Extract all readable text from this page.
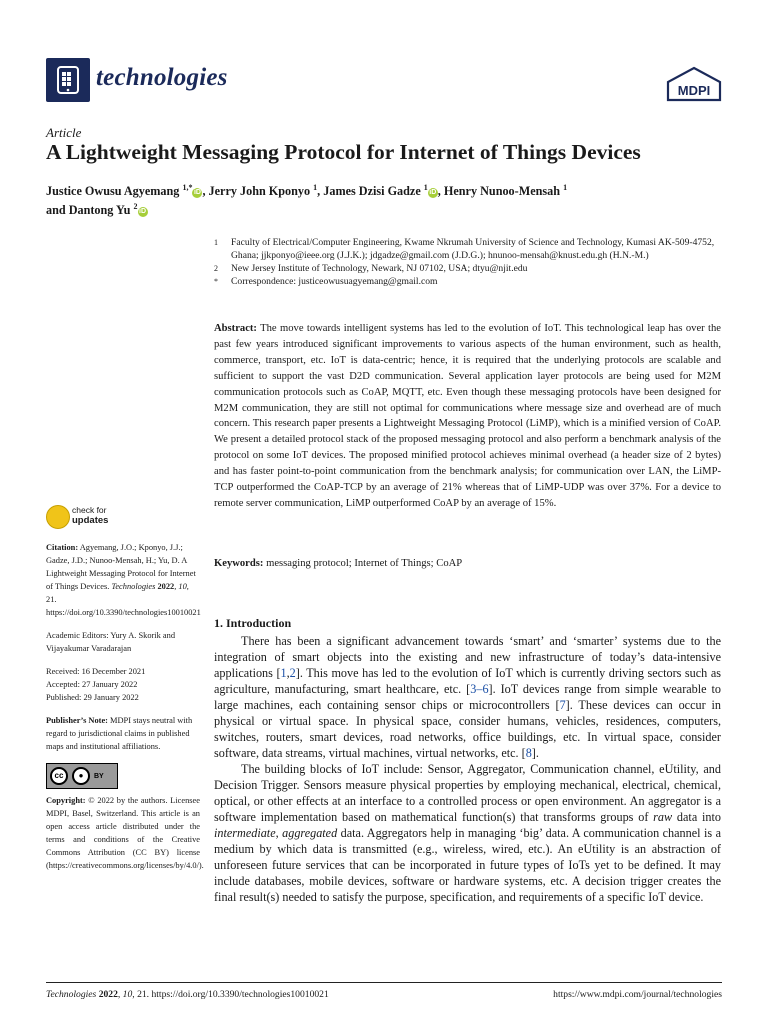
technologies	MDPI
Article
A Lightweight Messaging Protocol for Internet of Things Devices
Justice Owusu Agyemang $^{1,*}$iD , Jerry John Kponyo $^1$, James Dzisi Gadze $^1$iD , Henry Nunoo-Mensah $^1$
and Dantong Yu $^2$iD
1	Faculty of Electrical/Computer Engineering, Kwame Nkrumah University of Science and Technology, Kumasi AK-509-4752, Ghana; jjkponyo@ieee.org (J.J.K.); jdgadze@gmail.com (J.D.G.); hnunoo-mensah@knust.edu.gh (H.N.-M.)
2	New Jersey Institute of Technology, Newark, NJ 07102, USA; dtyu@njit.edu
*	Correspondence: justiceowusuagyemang@gmail.com
Abstract: The move towards intelligent systems has led to the evolution of IoT. This technological leap has over the past few years introduced significant improvements to various aspects of the human environment, such as health, commerce, transport, etc. IoT is data-centric; hence, it is required that the underlying protocols are scalable and sufficient to support the vast D2D communication. Several application layer protocols are being used for M2M communication protocols such as CoAP, MQTT, etc. Even though these messaging protocols have been designed for M2M communication, they are still not optimal for communications where message size and overhead are of much concern. This research paper presents a Lightweight Messaging Protocol (LiMP), which is a minified version of CoAP. We present a detailed protocol stack of the proposed messaging protocol and also perform a benchmark analysis of the protocol on some IoT devices. The proposed minified protocol achieves minimal overhead (a header size of 2 bytes) and has faster point-to-point communication from the benchmark analysis; for communication over LAN, the LiMP-TCP outperformed the CoAP-TCP by an average of 21% whereas that of LiMP-UDP was over 37%. For a device to remote server communication, LiMP outperformed CoAP by an average of 15%.
Keywords: messaging protocol; Internet of Things; CoAP
check for
updates
Citation: Agyemang, J.O.; Kponyo, J.J.; Gadze, J.D.; Nunoo-Mensah, H.; Yu, D. A Lightweight Messaging Protocol for Internet of Things Devices. Technologies 2022, 10, 21. https://doi.org/10.3390/technologies10010021
Academic Editors: Yury A. Skorik and Vijayakumar Varadarajan
Received: 16 December 2021
Accepted: 27 January 2022
Published: 29 January 2022
Publisher’s Note: MDPI stays neutral with regard to jurisdictional claims in published maps and institutional affiliations.
cc	●	BY
Copyright: © 2022 by the authors. Licensee MDPI, Basel, Switzerland. This article is an open access article distributed under the terms and conditions of the Creative Commons Attribution (CC BY) license (https://creativecommons.org/licenses/by/4.0/).
1. Introduction

There has been a significant advancement towards ‘smart’ and ‘smarter’ systems due to the integration of smart objects into the existing and new infrastructure of today’s data-intensive applications [1,2]. This move has led to the evolution of IoT which is currently driving sectors such as agriculture, manufacturing, smart healthcare, etc. [3–6]. IoT devices range from simple wearable to large machines, each containing sensor chips or microcontrollers [7]. These devices can occur in physical or virtual space. In physical space, consider humans, vehicles, residences, computers, switches, routers, smart devices, road networks, office buildings, etc. In virtual space, consider software, data streams, virtual machines, virtual networks, etc. [8].

The building blocks of IoT include: Sensor, Aggregator, Communication channel, eUtility, and Decision Trigger. Sensors measure physical properties by employing mechanical, electrical, chemical, optical, or other effects at an interface to a controlled process or open environment. An aggregator is a software implementation based on mathematical function(s) that transforms groups of raw data into intermediate, aggregated data. Aggregators help in managing ‘big’ data. A communication channel is a medium by which data is transmitted (e.g., wireless, wired, etc.). An eUtility is an abstraction of unforeseen future services that can be incorporated in future types of IoTs yet to be defined. It may include databases, mobile devices, software or hardware systems, etc. A decision trigger creates the final result(s) needed to satisfy the purpose, specification, and requirements of a specific IoT device.

Technologies 2022, 10, 21. https://doi.org/10.3390/technologies10010021	https://www.mdpi.com/journal/technologies
